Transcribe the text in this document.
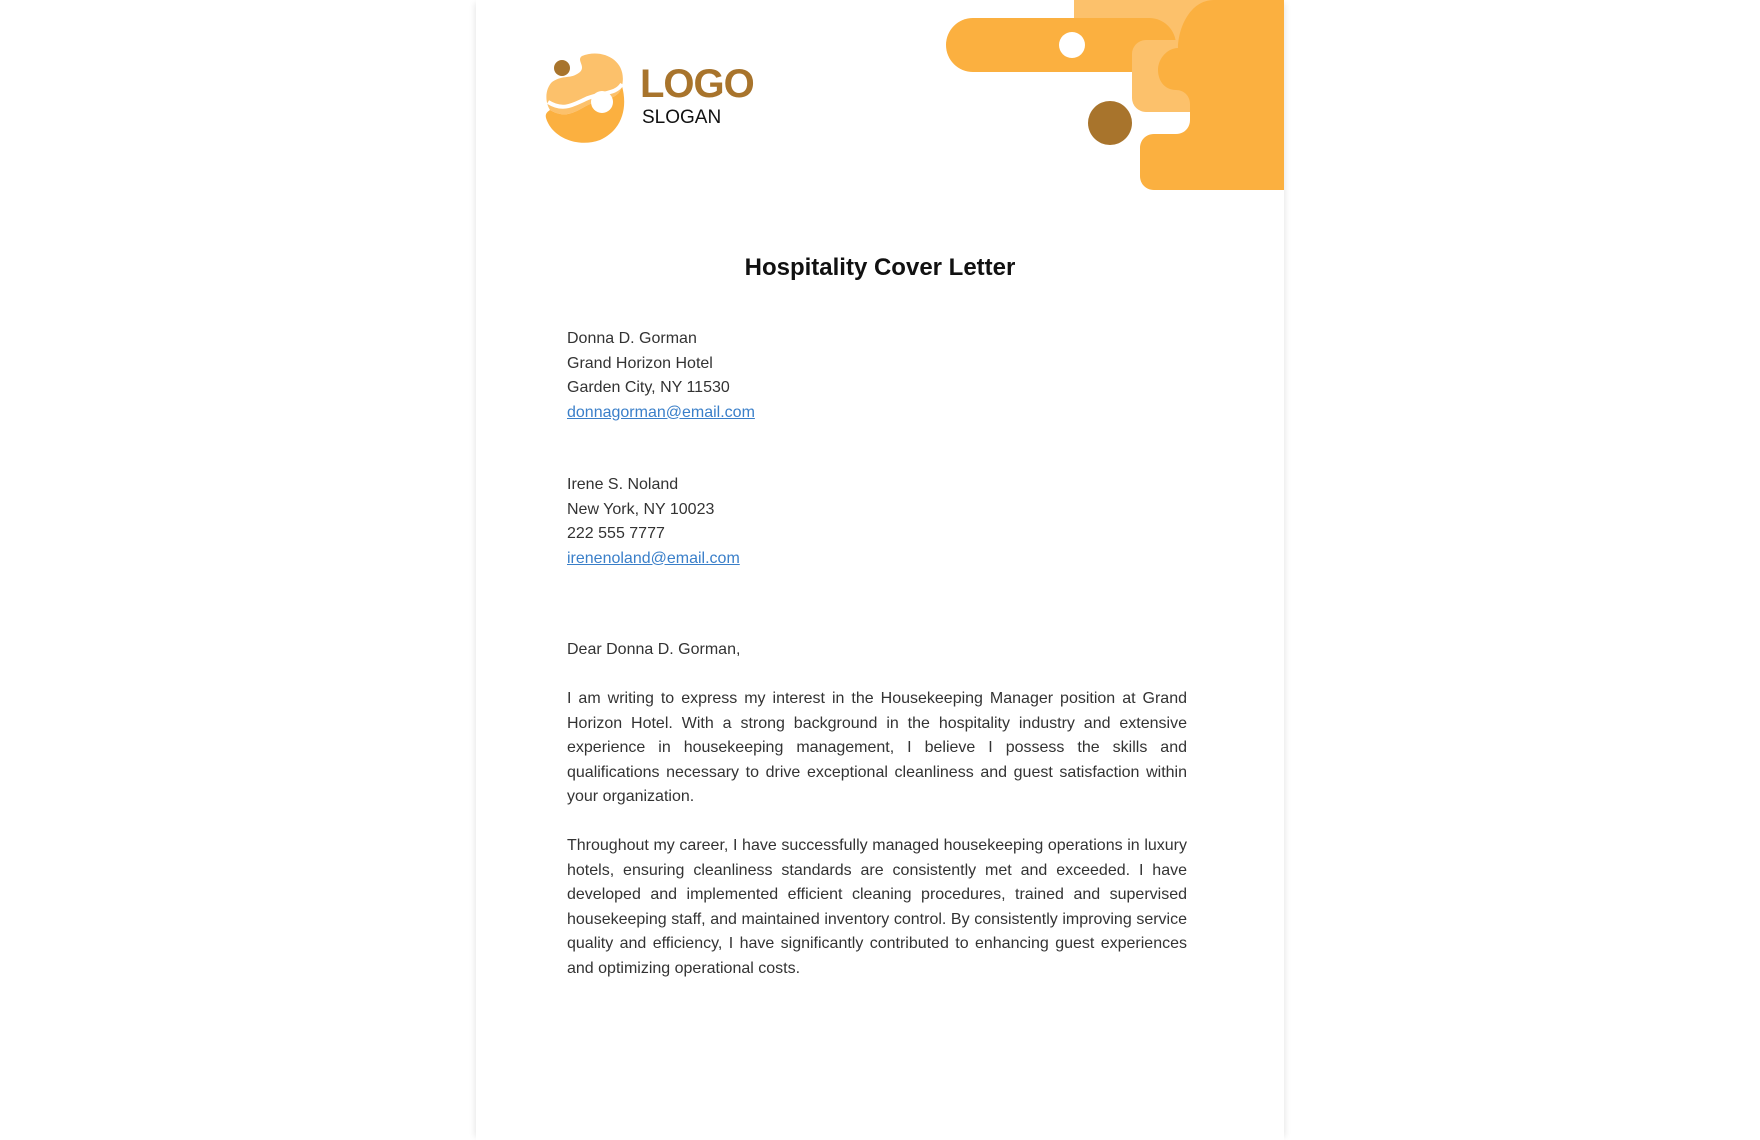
LOGO
SLOGAN
Hospitality Cover Letter
Donna D. Gorman
Grand Horizon Hotel
Garden City, NY 11530
donnagorman@email.com
Irene S. Noland
New York, NY 10023
222 555 7777
irenenoland@email.com
Dear Donna D. Gorman,
I am writing to express my interest in the Housekeeping Manager position at Grand Horizon Hotel. With a strong background in the hospitality industry and extensive experience in housekeeping management, I believe I possess the skills and qualifications necessary to drive exceptional cleanliness and guest satisfaction within your organization.
Throughout my career, I have successfully managed housekeeping operations in luxury hotels, ensuring cleanliness standards are consistently met and exceeded. I have developed and implemented efficient cleaning procedures, trained and supervised housekeeping staff, and maintained inventory control. By consistently improving service quality and efficiency, I have significantly contributed to enhancing guest experiences and optimizing operational costs.
